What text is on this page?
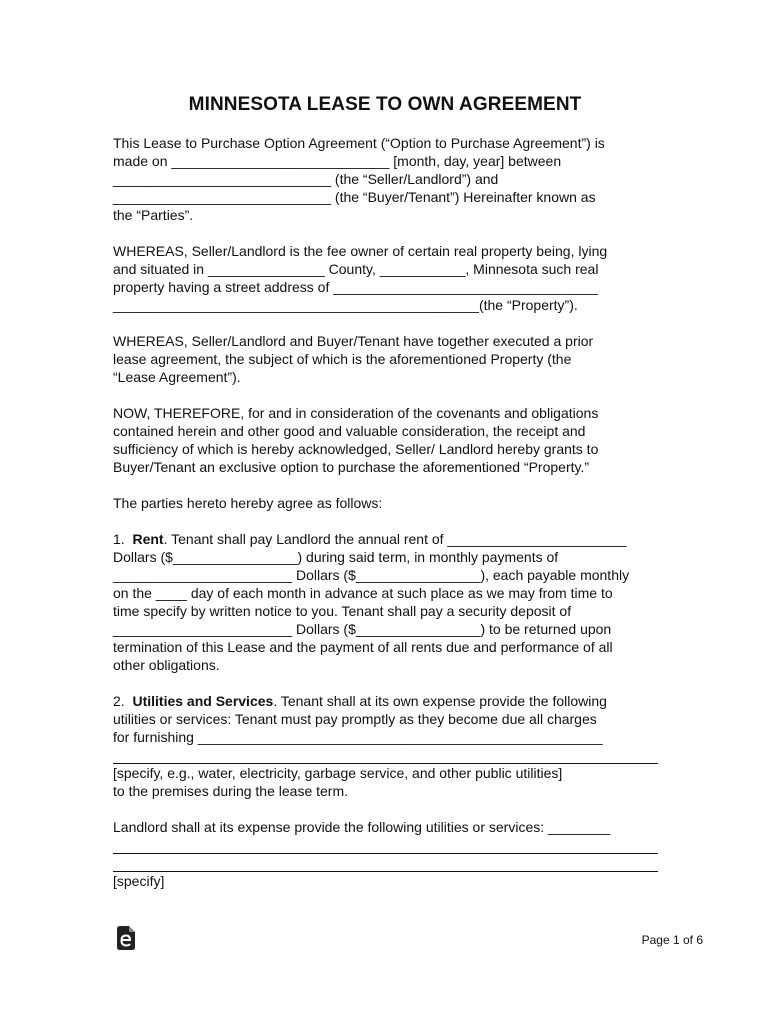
MINNESOTA LEASE TO OWN AGREEMENT
This Lease to Purchase Option Agreement (“Option to Purchase Agreement”) is
made on ____________________________ [month, day, year] between
____________________________ (the “Seller/Landlord”) and
____________________________ (the “Buyer/Tenant”) Hereinafter known as
the “Parties”.
WHEREAS, Seller/Landlord is the fee owner of certain real property being, lying
and situated in _______________ County, ___________, Minnesota such real
property having a street address of __________________________________
_______________________________________________(the “Property”).
WHEREAS, Seller/Landlord and Buyer/Tenant have together executed a prior
lease agreement, the subject of which is the aforementioned Property (the
“Lease Agreement”).
NOW, THEREFORE, for and in consideration of the covenants and obligations
contained herein and other good and valuable consideration, the receipt and
sufficiency of which is hereby acknowledged, Seller/ Landlord hereby grants to
Buyer/Tenant an exclusive option to purchase the aforementioned “Property.”
The parties hereto hereby agree as follows:
1.  Rent. Tenant shall pay Landlord the annual rent of _______________________
Dollars ($________________) during said term, in monthly payments of
_______________________ Dollars ($________________), each payable monthly
on the ____ day of each month in advance at such place as we may from time to
time specify by written notice to you. Tenant shall pay a security deposit of
_______________________ Dollars ($________________) to be returned upon
termination of this Lease and the payment of all rents due and performance of all
other obligations.
2.  Utilities and Services. Tenant shall at its own expense provide the following
utilities or services: Tenant must pay promptly as they become due all charges
for furnishing ____________________________________________________
[specify, e.g., water, electricity, garbage service, and other public utilities]
to the premises during the lease term.
Landlord shall at its expense provide the following utilities or services: ________
[specify]
Page 1 of 6
